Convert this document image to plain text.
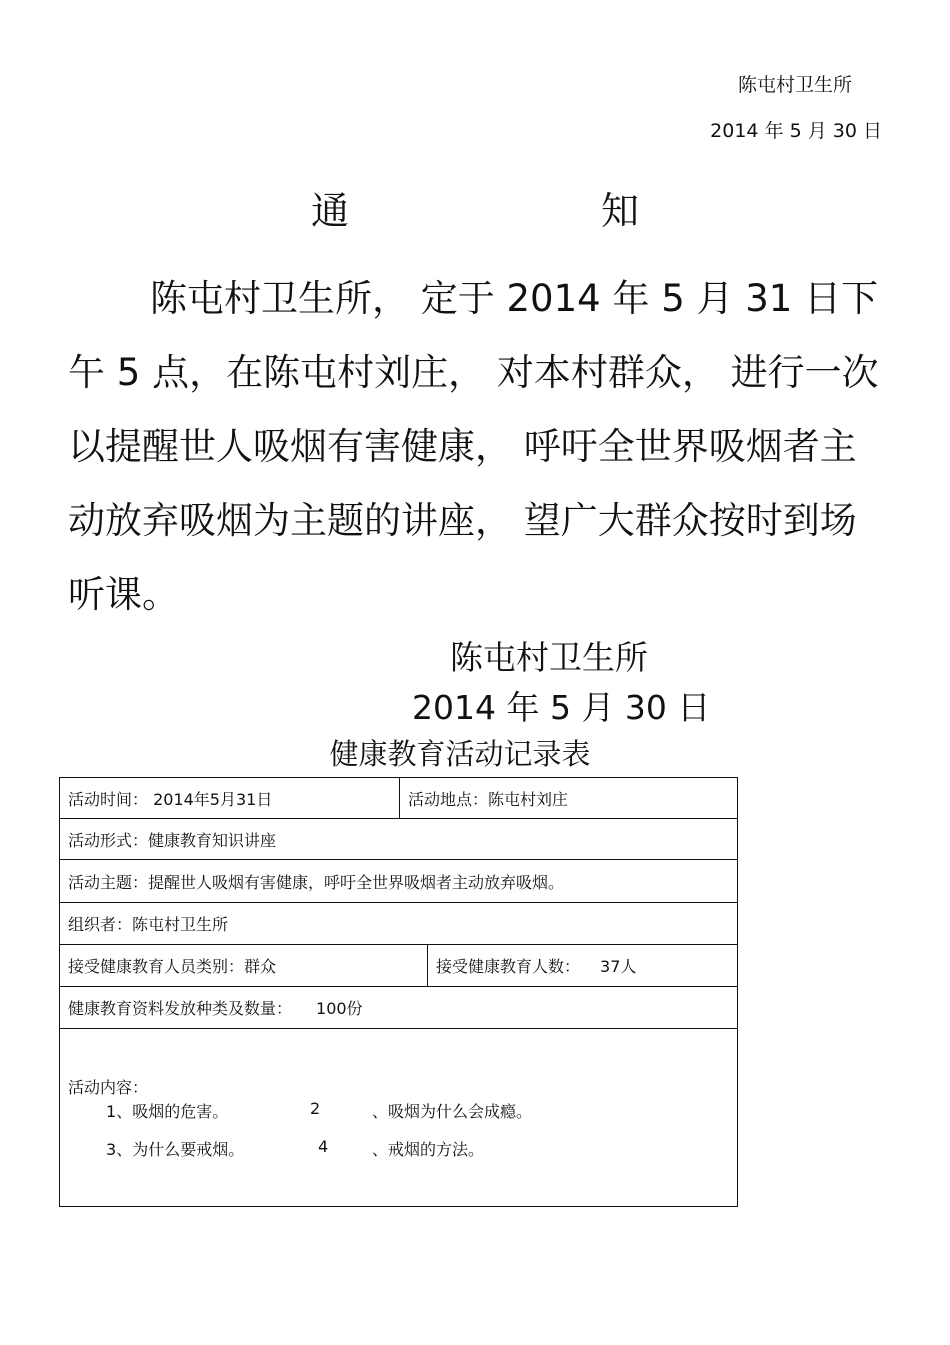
陈屯村卫生所
2014 年 5 月 30 日
通 知
陈屯村卫生所， 定于 2014 年 5 月 31 日下午 5 点，在陈屯村刘庄， 对本村群众， 进行一次以提醒世人吸烟有害健康， 呼吁全世界吸烟者主动放弃吸烟为主题的讲座， 望广大群众按时到场听课。
陈屯村卫生所
2014 年 5 月 30 日
健康教育活动记录表
活动时间： 2014年5月31日	活动地点：陈屯村刘庄
活动形式：健康教育知识讲座
活动主题：提醒世人吸烟有害健康，呼吁全世界吸烟者主动放弃吸烟。
组织者：陈屯村卫生所
接受健康教育人员类别：群众	接受健康教育人数： 37人
健康教育资料发放种类及数量： 100份
活动内容：
1、吸烟的危害。	2	、吸烟为什么会成瘾。
3、为什么要戒烟。	4	、戒烟的方法。
